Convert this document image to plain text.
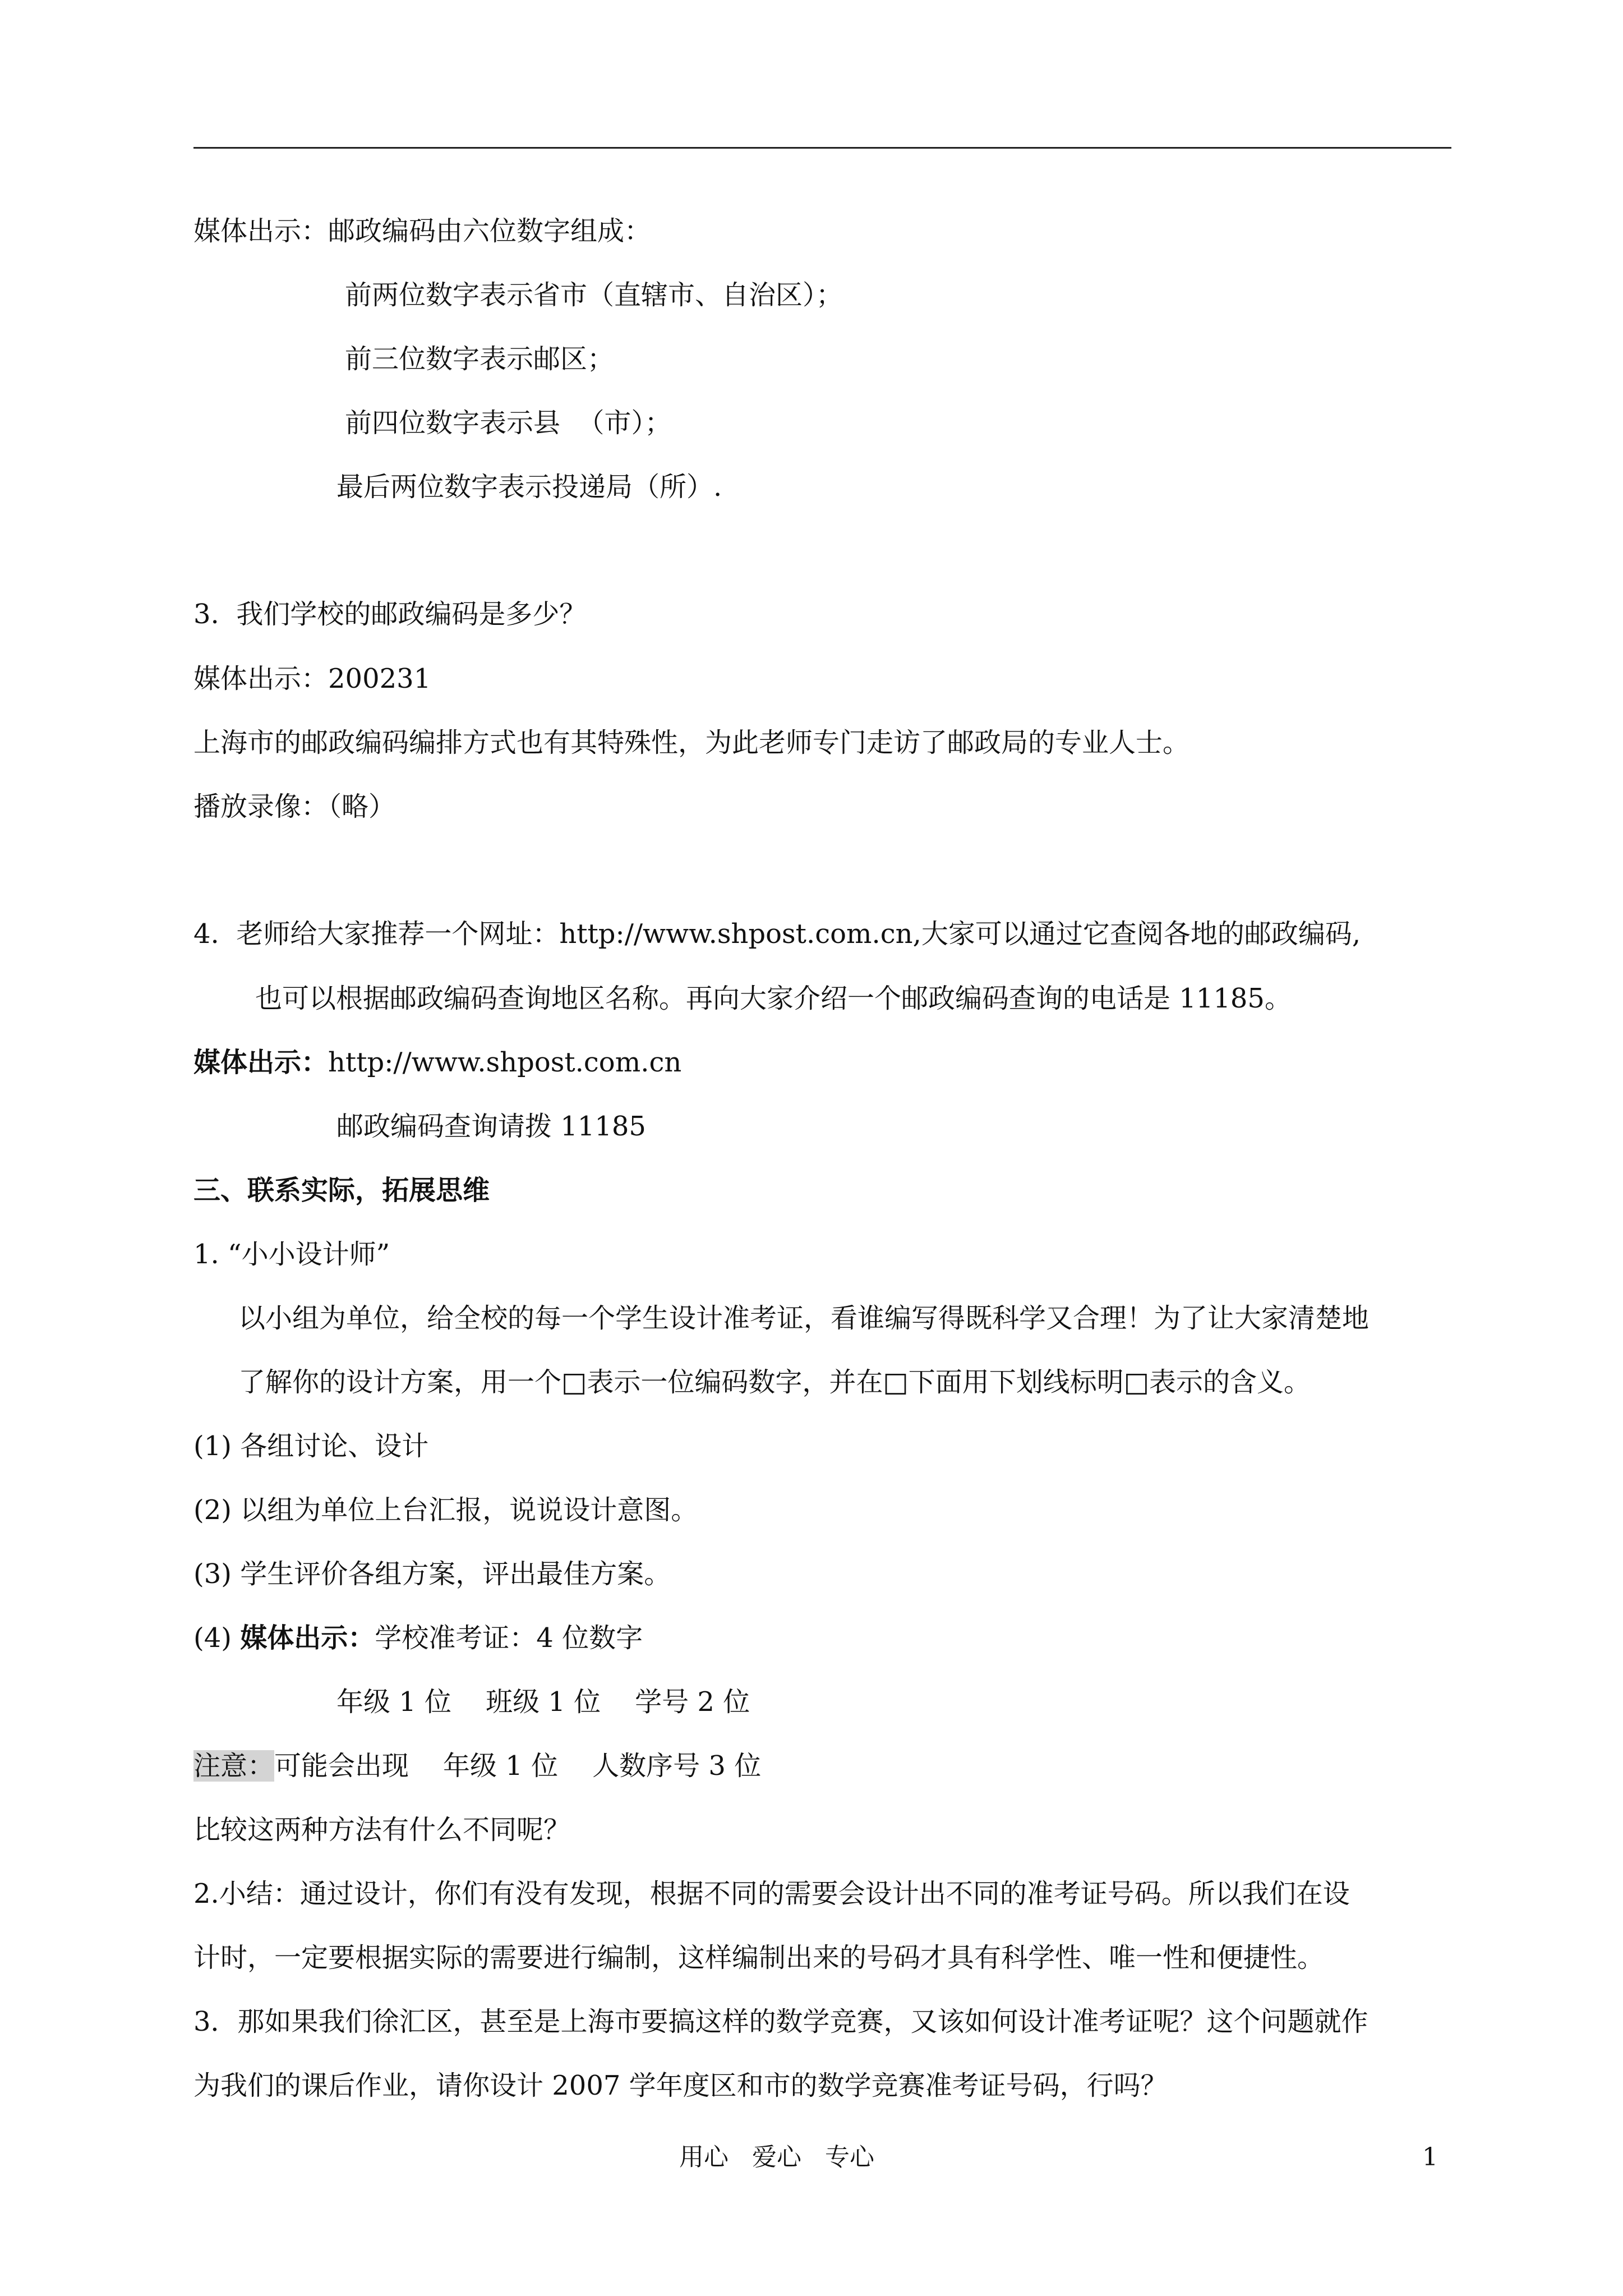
媒体出示：邮政编码由六位数字组成：
前两位数字表示省市（直辖市、自治区）；
前三位数字表示邮区；
前四位数字表示县  （市）；
最后两位数字表示投递局（所）.
3.  我们学校的邮政编码是多少？
媒体出示：200231
上海市的邮政编码编排方式也有其特殊性，为此老师专门走访了邮政局的专业人士。
播放录像：（略）
4.  老师给大家推荐一个网址：http://www.shpost.com.cn,大家可以通过它查阅各地的邮政编码,
也可以根据邮政编码查询地区名称。再向大家介绍一个邮政编码查询的电话是 11185。
媒体出示：http://www.shpost.com.cn
邮政编码查询请拨 11185
三、联系实际，拓展思维
1. “小小设计师”
以小组为单位，给全校的每一个学生设计准考证，看谁编写得既科学又合理！为了让大家清楚地
了解你的设计方案，用一个□表示一位编码数字，并在□下面用下划线标明□表示的含义。
(1) 各组讨论、设计
(2) 以组为单位上台汇报，说说设计意图。
(3) 学生评价各组方案，评出最佳方案。
(4) 媒体出示：学校准考证：4 位数字
年级 1 位    班级 1 位    学号 2 位
注意：可能会出现    年级 1 位    人数序号 3 位
比较这两种方法有什么不同呢？
2.小结：通过设计，你们有没有发现，根据不同的需要会设计出不同的准考证号码。所以我们在设
计时，一定要根据实际的需要进行编制，这样编制出来的号码才具有科学性、唯一性和便捷性。
3．那如果我们徐汇区，甚至是上海市要搞这样的数学竞赛，又该如何设计准考证呢？这个问题就作
为我们的课后作业，请你设计 2007 学年度区和市的数学竞赛准考证号码，行吗？
用心   爱心   专心	1
